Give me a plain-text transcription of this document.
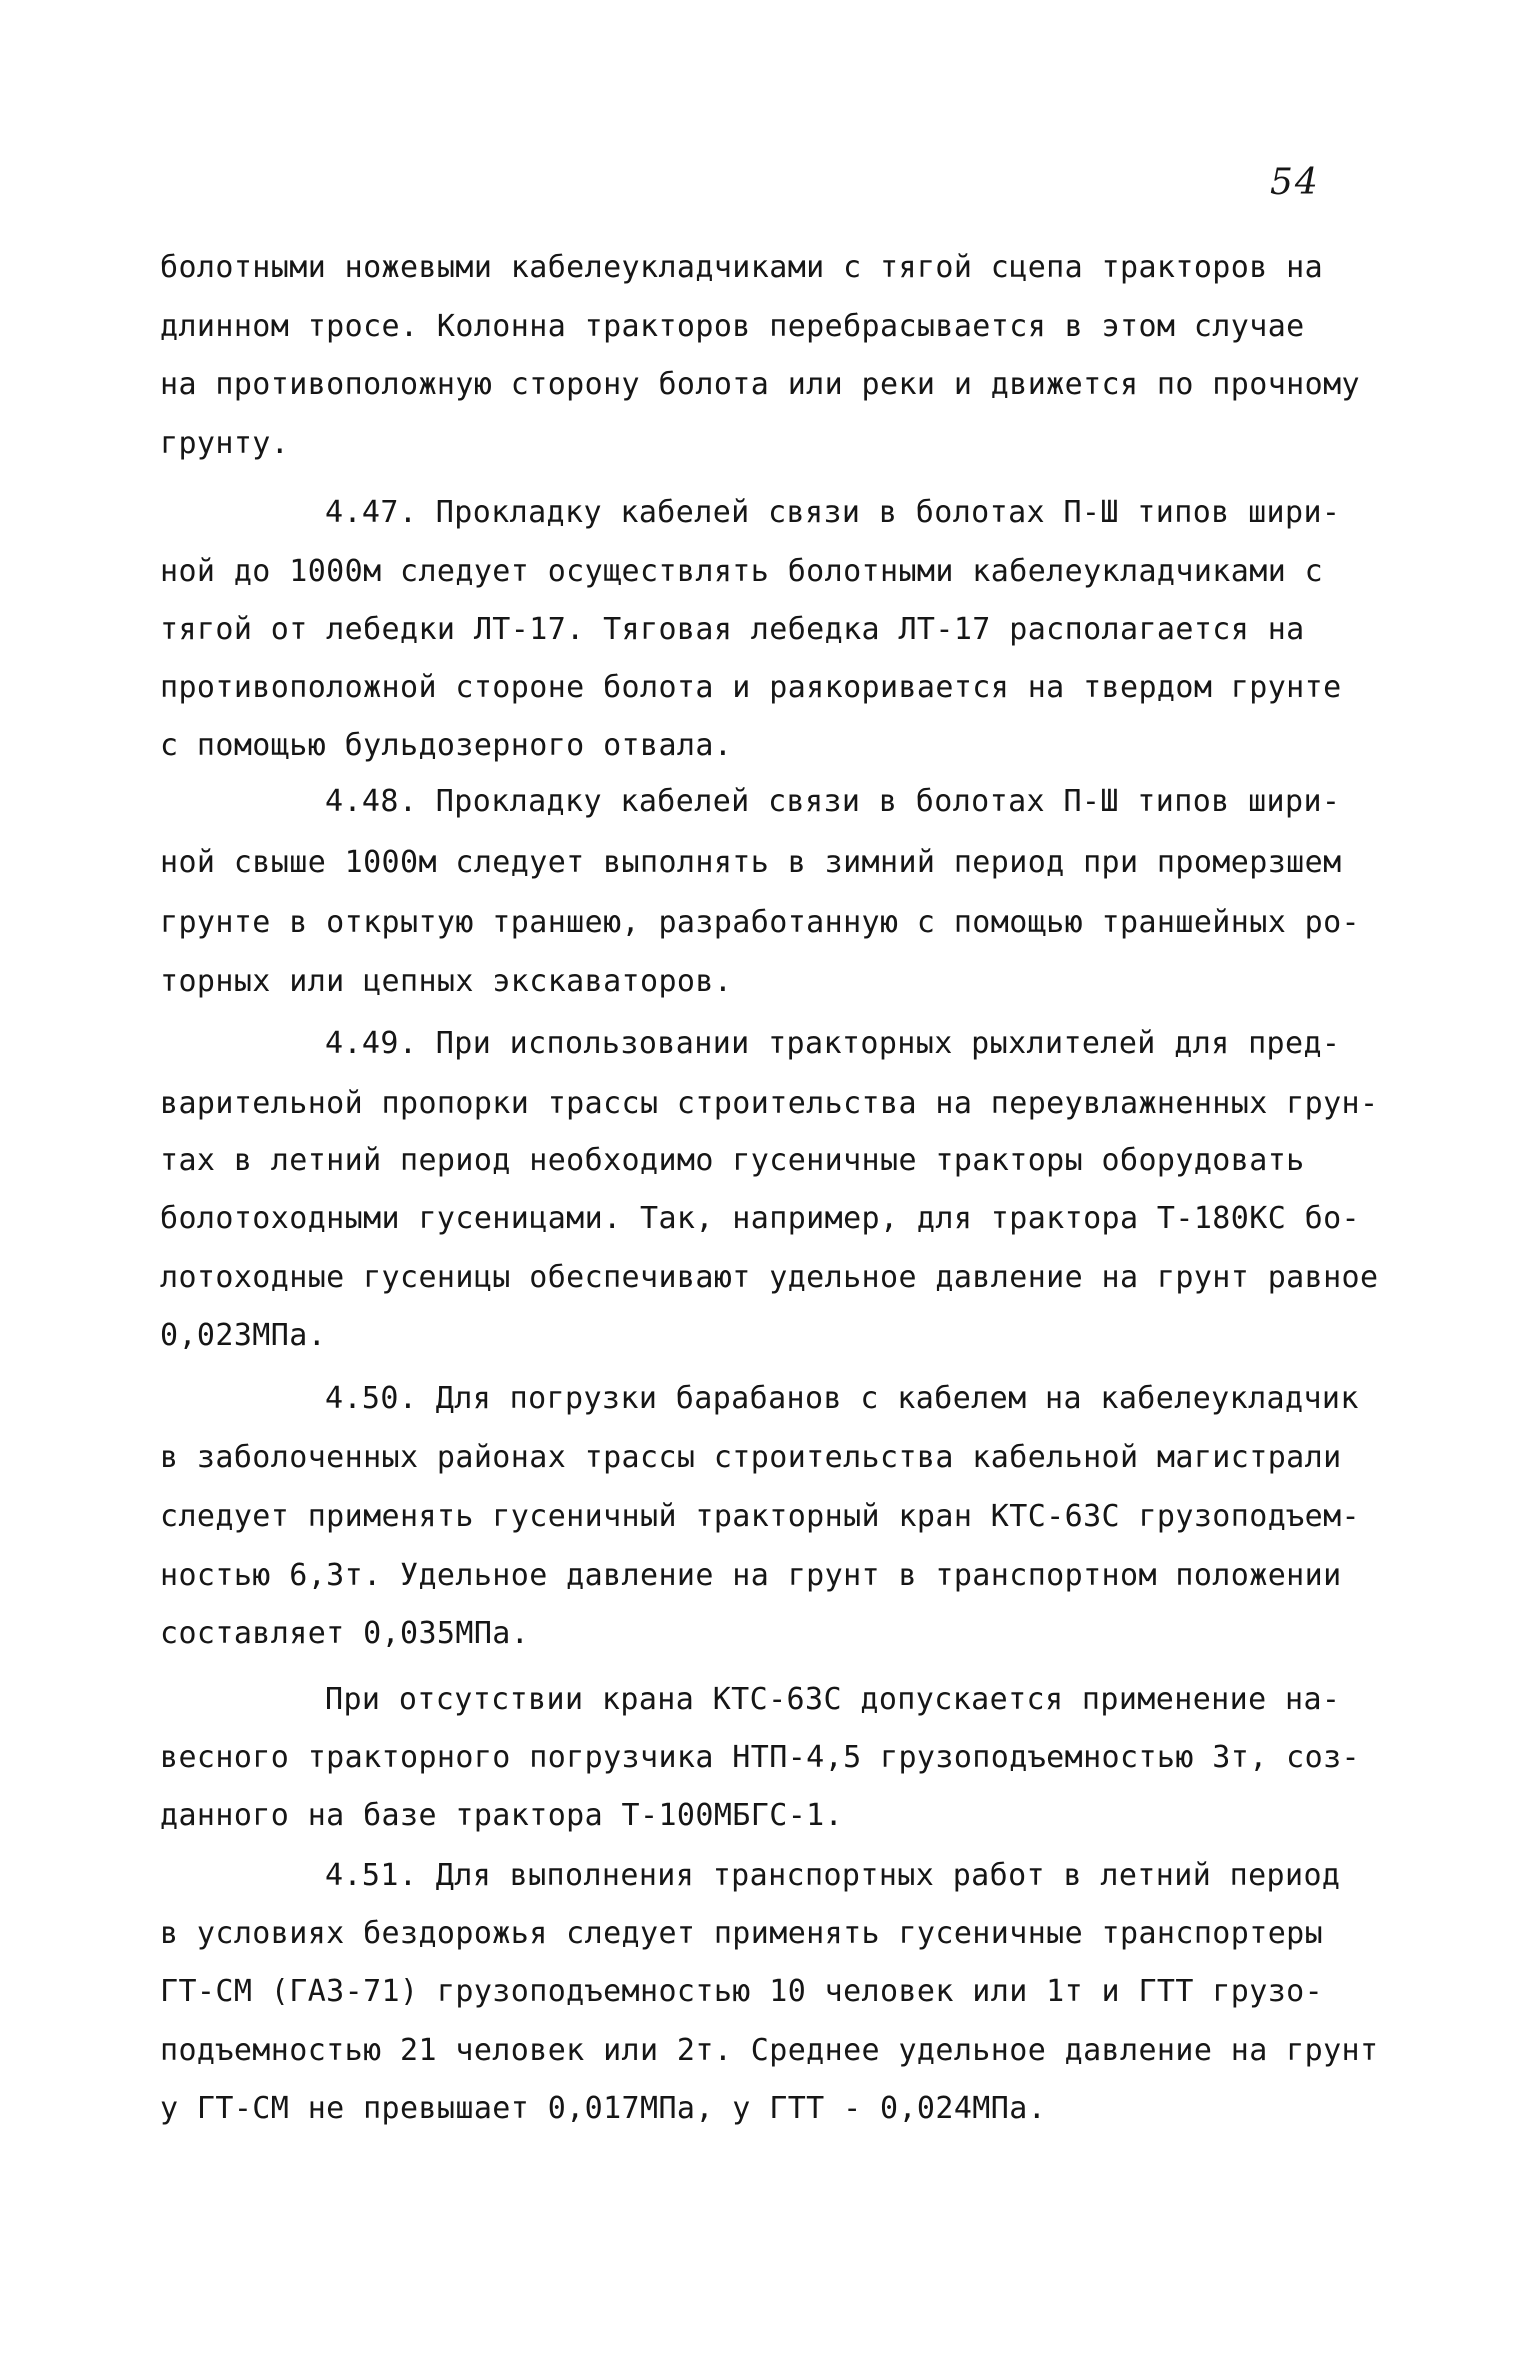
54
болотными ножевыми кабелеукладчиками с тягой сцепа тракторов на
длинном тросе. Колонна тракторов перебрасывается в этом случае
на противоположную сторону болота или реки и движется по прочному
грунту.
4.47. Прокладку кабелей связи в болотах П-Ш типов шири-
ной до 1000м следует осуществлять болотными кабелеукладчиками с
тягой от лебедки ЛТ-17. Тяговая лебедка ЛТ-17 располагается на
противоположной стороне болота и раякоривается на твердом грунте
с помощью бульдозерного отвала.
4.48. Прокладку кабелей связи в болотах П-Ш типов шири-
ной свыше 1000м следует выполнять в зимний период при промерзшем
грунте в открытую траншею, разработанную с помощью траншейных ро-
торных или цепных экскаваторов.
4.49. При использовании тракторных рыхлителей для пред-
варительной пропорки трассы строительства на переувлажненных грун-
тах в летний период необходимо гусеничные тракторы оборудовать
болотоходными гусеницами. Так, например, для трактора Т-180КС бо-
лотоходные гусеницы обеспечивают удельное давление на грунт равное
0,023МПа.
4.50. Для погрузки барабанов с кабелем на кабелеукладчик
в заболоченных районах трассы строительства кабельной магистрали
следует применять гусеничный тракторный кран КТС-63С грузоподъем-
ностью 6,3т. Удельное давление на грунт в транспортном положении
составляет 0,035МПа.
При отсутствии крана КТС-63С допускается применение на-
весного тракторного погрузчика НТП-4,5 грузоподъемностью 3т, соз-
данного на базе трактора Т-100МБГС-1.
4.51. Для выполнения транспортных работ в летний период
в условиях бездорожья следует применять гусеничные транспортеры
ГТ-СМ (ГАЗ-71) грузоподъемностью 10 человек или 1т и ГТТ грузо-
подъемностью 21 человек или 2т. Среднее удельное давление на грунт
у ГТ-СМ не превышает 0,017МПа, у ГТТ - 0,024МПа.
